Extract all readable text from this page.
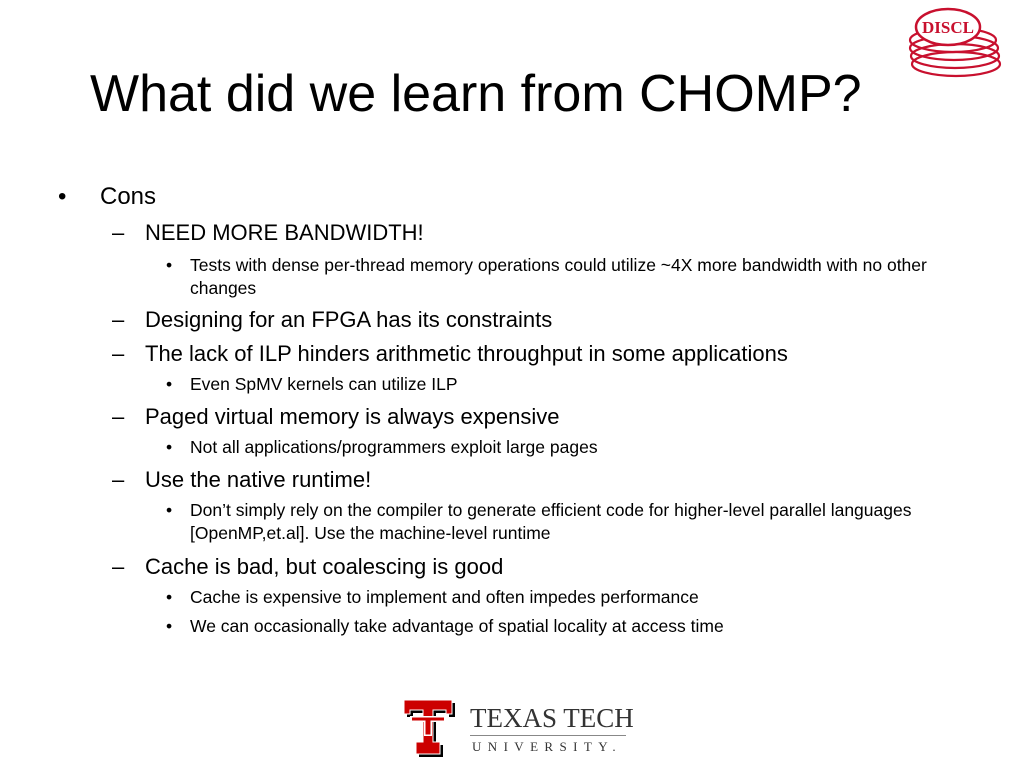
What did we learn from CHOMP?
DISCL
• Cons
– NEED MORE BANDWIDTH!
• Tests with dense per-thread memory operations could utilize ~4X more bandwidth with no other changes
– Designing for an FPGA has its constraints
– The lack of ILP hinders arithmetic throughput in some applications
• Even SpMV kernels can utilize ILP
– Paged virtual memory is always expensive
• Not all applications/programmers exploit large pages
– Use the native runtime!
• Don’t simply rely on the compiler to generate efficient code for higher-level parallel languages [OpenMP,et.al]. Use the machine-level runtime
– Cache is bad, but coalescing is good
• Cache is expensive to implement and often impedes performance
• We can occasionally take advantage of spatial locality at access time
TEXAS TECH
UNIVERSITY.
